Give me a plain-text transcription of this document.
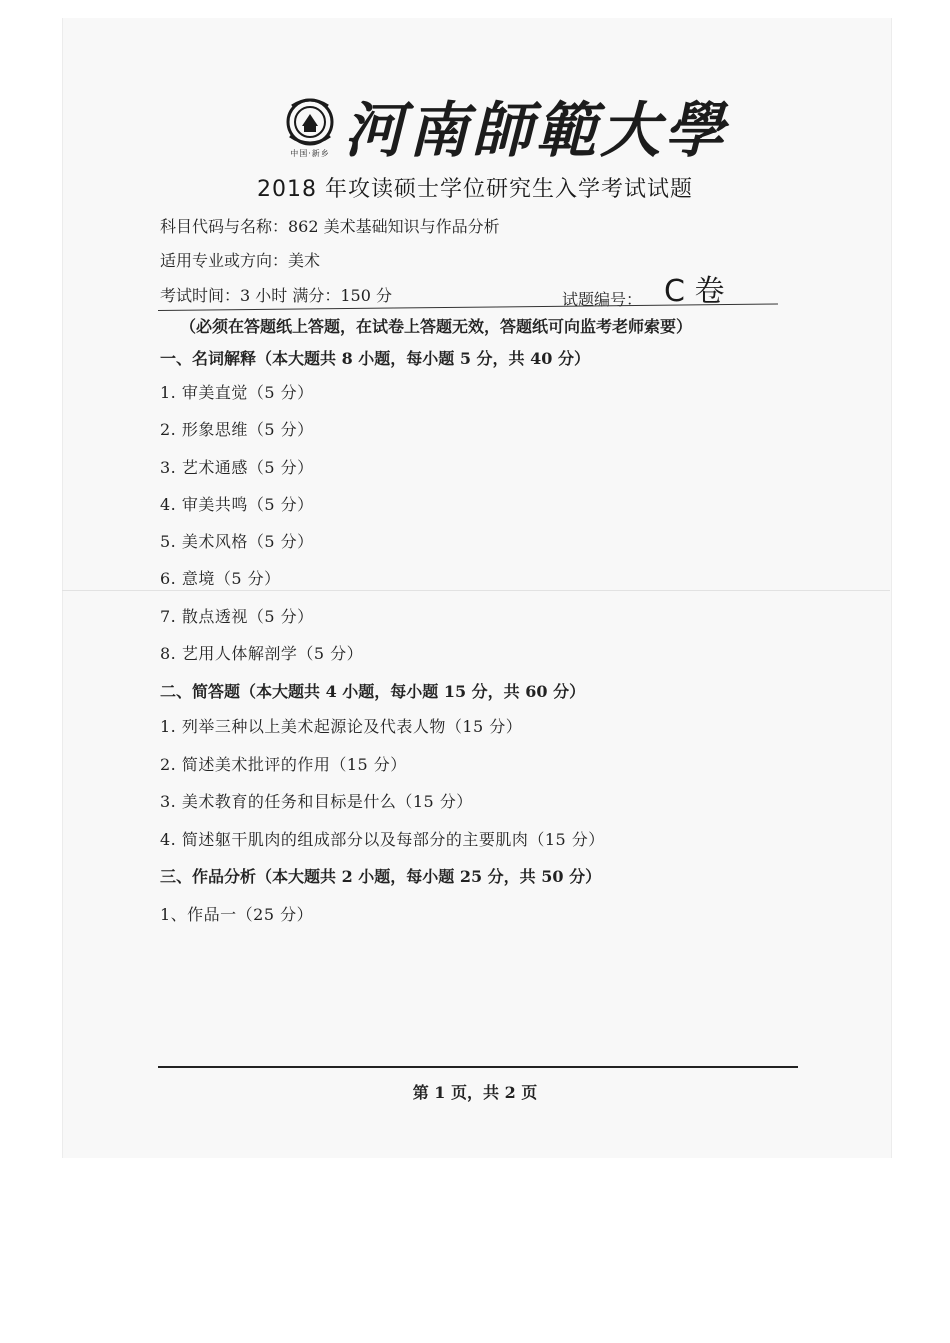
中国·新乡 河南師範大學
2018 年攻读硕士学位研究生入学考试试题
科目代码与名称：862 美术基础知识与作品分析
适用专业或方向：美术
考试时间：3 小时 满分：150 分	试题编号： C 卷
（必须在答题纸上答题，在试卷上答题无效，答题纸可向监考老师索要）
一、名词解释（本大题共 8 小题，每小题 5 分，共 40 分）
1. 审美直觉（5 分）
2. 形象思维（5 分）
3. 艺术通感（5 分）
4. 审美共鸣（5 分）
5. 美术风格（5 分）
6. 意境（5 分）
7. 散点透视（5 分）
8. 艺用人体解剖学（5 分）
二、简答题（本大题共 4 小题，每小题 15 分，共 60 分）
1. 列举三种以上美术起源论及代表人物（15 分）
2. 简述美术批评的作用（15 分）
3. 美术教育的任务和目标是什么（15 分）
4. 简述躯干肌肉的组成部分以及每部分的主要肌肉（15 分）
三、作品分析（本大题共 2 小题，每小题 25 分，共 50 分）
1、作品一（25 分）
第 1 页，共 2 页
